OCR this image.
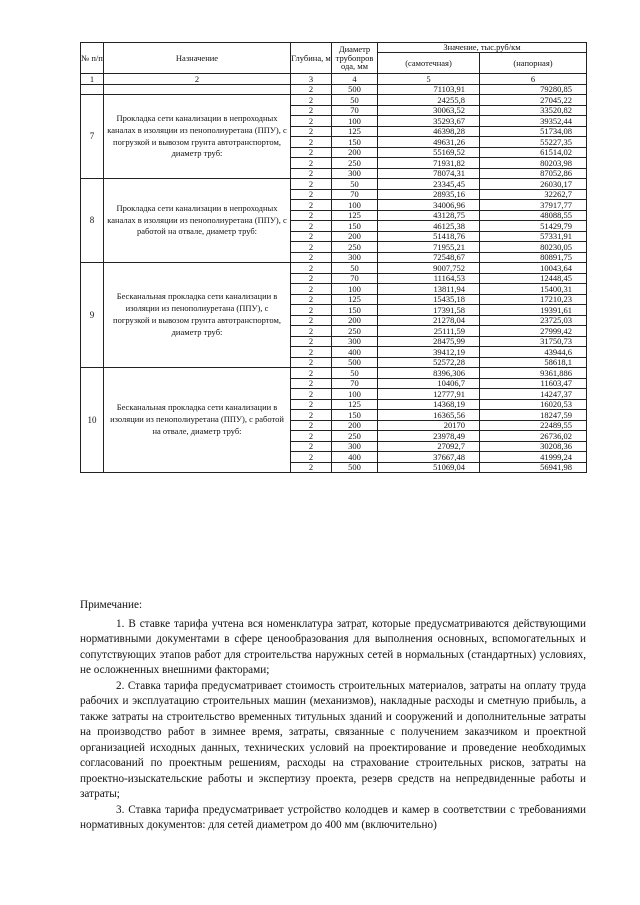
№ п/п	Назначение	Глубина, м	Диаметр трубопров ода, мм	Значение, тыс.руб/км	
				(самотечная)	(напорная)
1	2	3	4	5	6
		2	500	71103,91	79280,85
7	Прокладка сети канализации в непроходных каналах в изоляции из пенополиуретана (ППУ), с погрузкой и вывозом грунта автотранспортом, диаметр труб:	2	50	24255,8	27045,22
		2	70	30063,52	33520,82
		2	100	35293,67	39352,44
		2	125	46398,28	51734,08
		2	150	49631,26	55227,35
		2	200	55169,52	61514,02
		2	250	71931,82	80203,98
		2	300	78074,31	87052,86
8	Прокладка сети канализации в непроходных каналах в изоляции из пенополиуретана (ППУ), с работой на отвале, диаметр труб:	2	50	23345,45	26030,17
		2	70	28935,16	32262,7
		2	100	34006,96	37917,77
		2	125	43128,75	48088,55
		2	150	46125,38	51429,79
		2	200	51418,76	57331,91
		2	250	71955,21	80230,05
		2	300	72548,67	80891,75
9	Бесканальная прокладка сети канализации в изоляции из пенополиуретана (ППУ), с погрузкой и вывозом грунта автотранспортом, диаметр труб:	2	50	9007,752	10043,64
		2	70	11164,53	12448,45
		2	100	13811,94	15400,31
		2	125	15435,18	17210,23
		2	150	17391,58	19391,61
		2	200	21278,04	23725,03
		2	250	25111,59	27999,42
		2	300	28475,99	31750,73
		2	400	39412,19	43944,6
		2	500	52572,28	58618,1
10	Бесканальная прокладка сети канализации в изоляции из пенополиуретана (ППУ), с работой на отвале, диаметр труб:	2	50	8396,306	9361,886
		2	70	10406,7	11603,47
		2	100	12777,91	14247,37
		2	125	14368,19	16020,53
		2	150	16365,56	18247,59
		2	200	20170	22489,55
		2	250	23978,49	26736,02
		2	300	27092,7	30208,36
		2	400	37667,48	41999,24
		2	500	51069,04	56941,98
Примечание:

1. В ставке тарифа учтена вся номенклатура затрат, которые предусматриваются действующими нормативными документами в сфере ценообразования для выполнения основных, вспомогательных и сопутствующих этапов работ для строительства наружных сетей в нормальных (стандартных) условиях, не осложненных внешними факторами;

2. Ставка тарифа предусматривает стоимость строительных материалов, затраты на оплату труда рабочих и эксплуатацию строительных машин (механизмов), накладные расходы и сметную прибыль, а также затраты на строительство временных титульных зданий и сооружений и дополнительные затраты на производство работ в зимнее время, затраты, связанные с получением заказчиком и проектной организацией исходных данных, технических условий на проектирование и проведение необходимых согласований по проектным решениям, расходы на страхование строительных рисков, затраты на проектно-изыскательские работы и экспертизу проекта, резерв средств на непредвиденные работы и затраты;

3. Ставка тарифа предусматривает устройство колодцев и камер в соответствии с требованиями нормативных документов: для сетей диаметром до 400 мм (включительно)
